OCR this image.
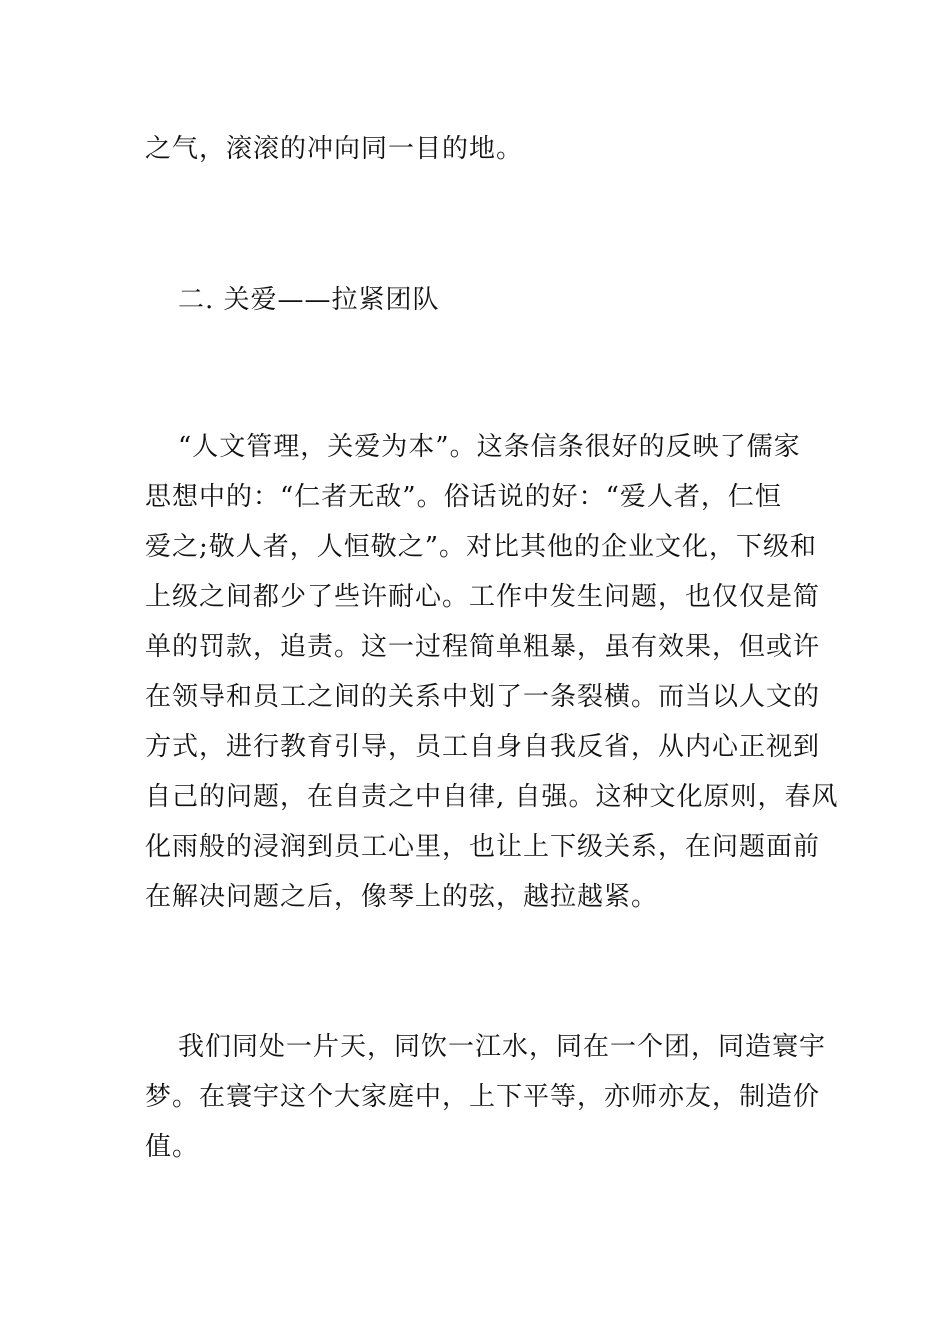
之气，滚滚的冲向同一目的地。
二. 关爱——拉紧团队
“人文管理，关爱为本”。这条信条很好的反映了儒家
思想中的：“仁者无敌”。俗话说的好：“爱人者，仁恒
爱之;敬人者，人恒敬之”。对比其他的企业文化，下级和
上级之间都少了些许耐心。工作中发生问题，也仅仅是简
单的罚款，追责。这一过程简单粗暴，虽有效果，但或许
在领导和员工之间的关系中划了一条裂横。而当以人文的
方式，进行教育引导，员工自身自我反省，从内心正视到
自己的问题，在自责之中自律, 自强。这种文化原则，春风
化雨般的浸润到员工心里，也让上下级关系，在问题面前
在解决问题之后，像琴上的弦，越拉越紧。
我们同处一片天，同饮一江水，同在一个团，同造寰宇
梦。在寰宇这个大家庭中，上下平等，亦师亦友，制造价
值。
